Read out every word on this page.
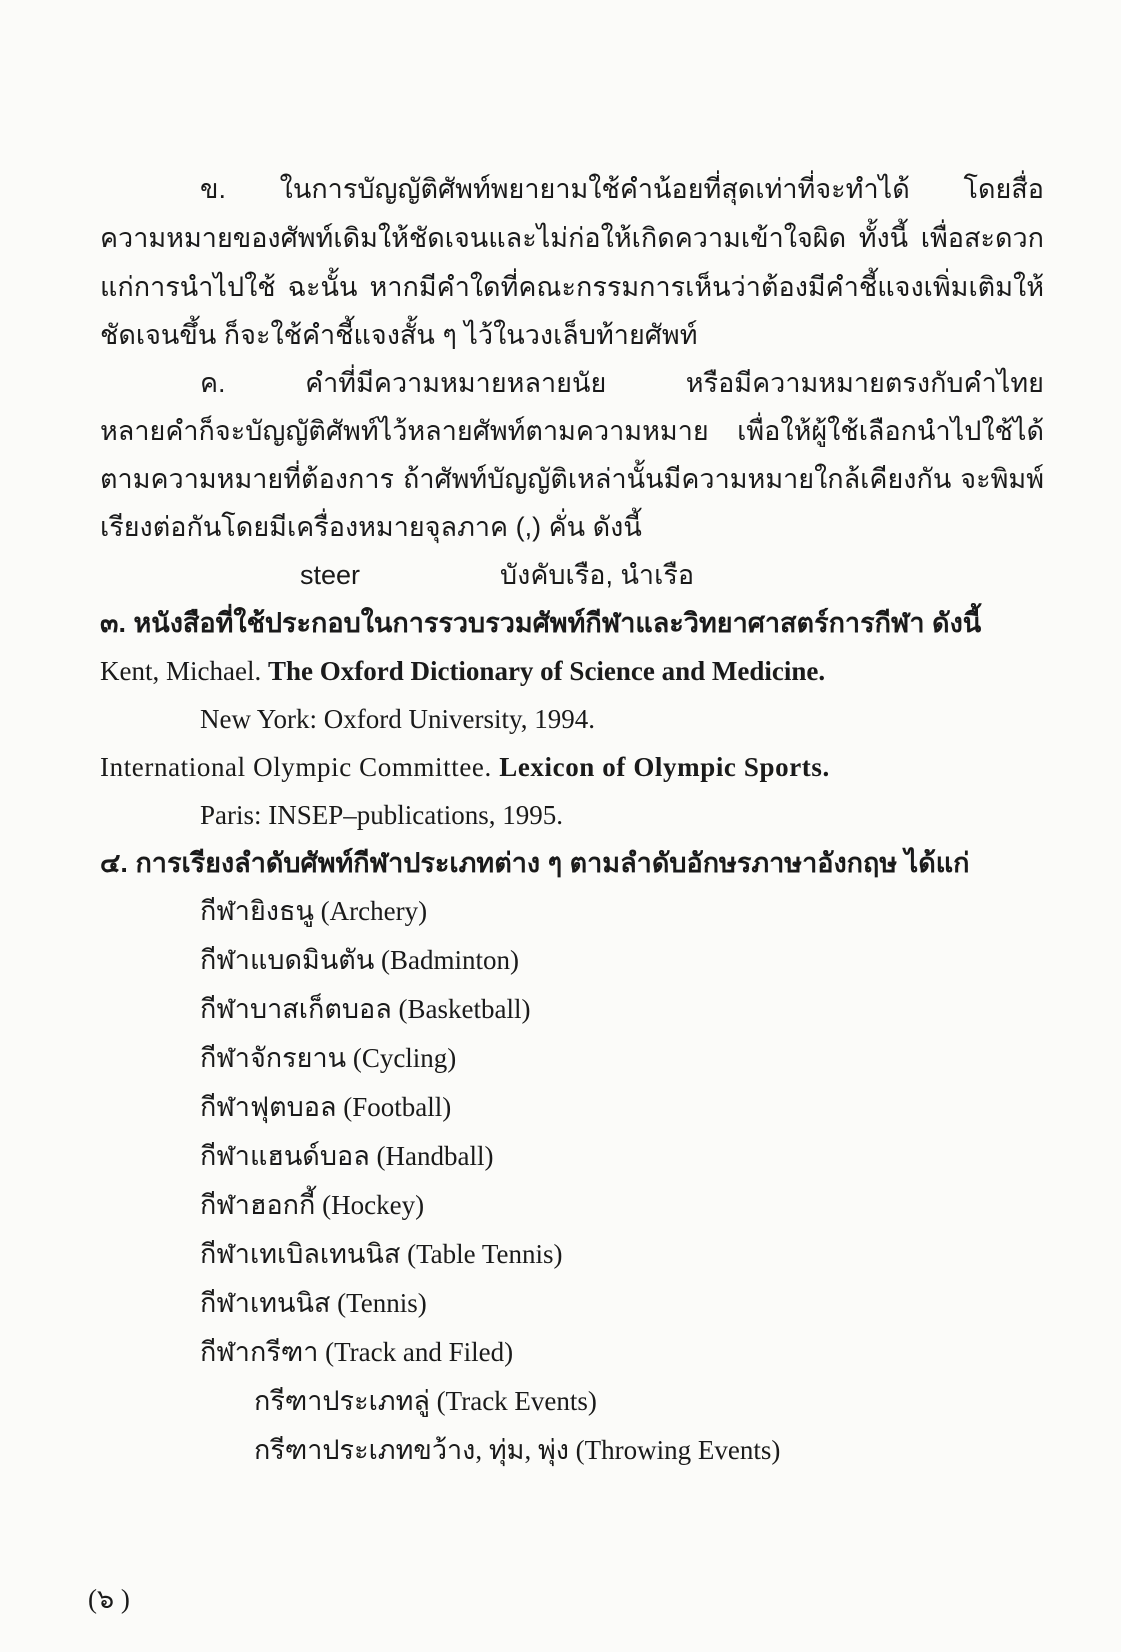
ข. ในการบัญญัติศัพท์พยายามใช้คำน้อยที่สุดเท่าที่จะทำได้ โดยสื่อ
ความหมายของศัพท์เดิมให้ชัดเจนและไม่ก่อให้เกิดความเข้าใจผิด ทั้งนี้ เพื่อสะดวก
แก่การนำไปใช้ ฉะนั้น หากมีคำใดที่คณะกรรมการเห็นว่าต้องมีคำชี้แจงเพิ่มเติมให้
ชัดเจนขึ้น ก็จะใช้คำชี้แจงสั้น ๆ ไว้ในวงเล็บท้ายศัพท์
ค. คำที่มีความหมายหลายนัย หรือมีความหมายตรงกับคำไทย
หลายคำก็จะบัญญัติศัพท์ไว้หลายศัพท์ตามความหมาย เพื่อให้ผู้ใช้เลือกนำไปใช้ได้
ตามความหมายที่ต้องการ ถ้าศัพท์บัญญัติเหล่านั้นมีความหมายใกล้เคียงกัน จะพิมพ์
เรียงต่อกันโดยมีเครื่องหมายจุลภาค (,) คั่น ดังนี้
steer	บังคับเรือ, นำเรือ
๓. หนังสือที่ใช้ประกอบในการรวบรวมศัพท์กีฬาและวิทยาศาสตร์การกีฬา ดังนี้
Kent, Michael. The Oxford Dictionary of Science and Medicine.
New York: Oxford University, 1994.
International Olympic Committee. Lexicon of Olympic Sports.
Paris: INSEP–publications, 1995.
๔. การเรียงลำดับศัพท์กีฬาประเภทต่าง ๆ ตามลำดับอักษรภาษาอังกฤษ ได้แก่
กีฬายิงธนู (Archery)
กีฬาแบดมินตัน (Badminton)
กีฬาบาสเก็ตบอล (Basketball)
กีฬาจักรยาน (Cycling)
กีฬาฟุตบอล (Football)
กีฬาแฮนด์บอล (Handball)
กีฬาฮอกกี้ (Hockey)
กีฬาเทเบิลเทนนิส (Table Tennis)
กีฬาเทนนิส (Tennis)
กีฬากรีฑา (Track and Filed)
กรีฑาประเภทลู่ (Track Events)
กรีฑาประเภทขว้าง, ทุ่ม, พุ่ง (Throwing Events)
(๖ )
